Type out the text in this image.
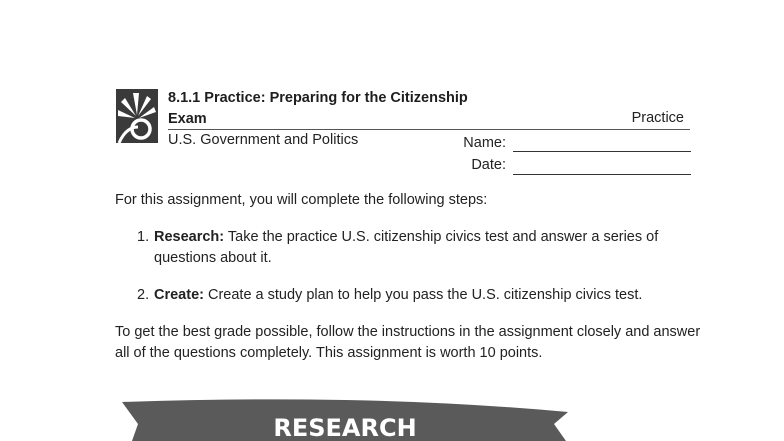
8.1.1 Practice: Preparing for the Citizenship Exam	Practice
U.S. Government and Politics	Name:
Date:
For this assignment, you will complete the following steps:
1. Research: Take the practice U.S. citizenship civics test and answer a series of questions about it.
2. Create: Create a study plan to help you pass the U.S. citizenship civics test.
To get the best grade possible, follow the instructions in the assignment closely and answer all of the questions completely. This assignment is worth 10 points.
RESEARCH
